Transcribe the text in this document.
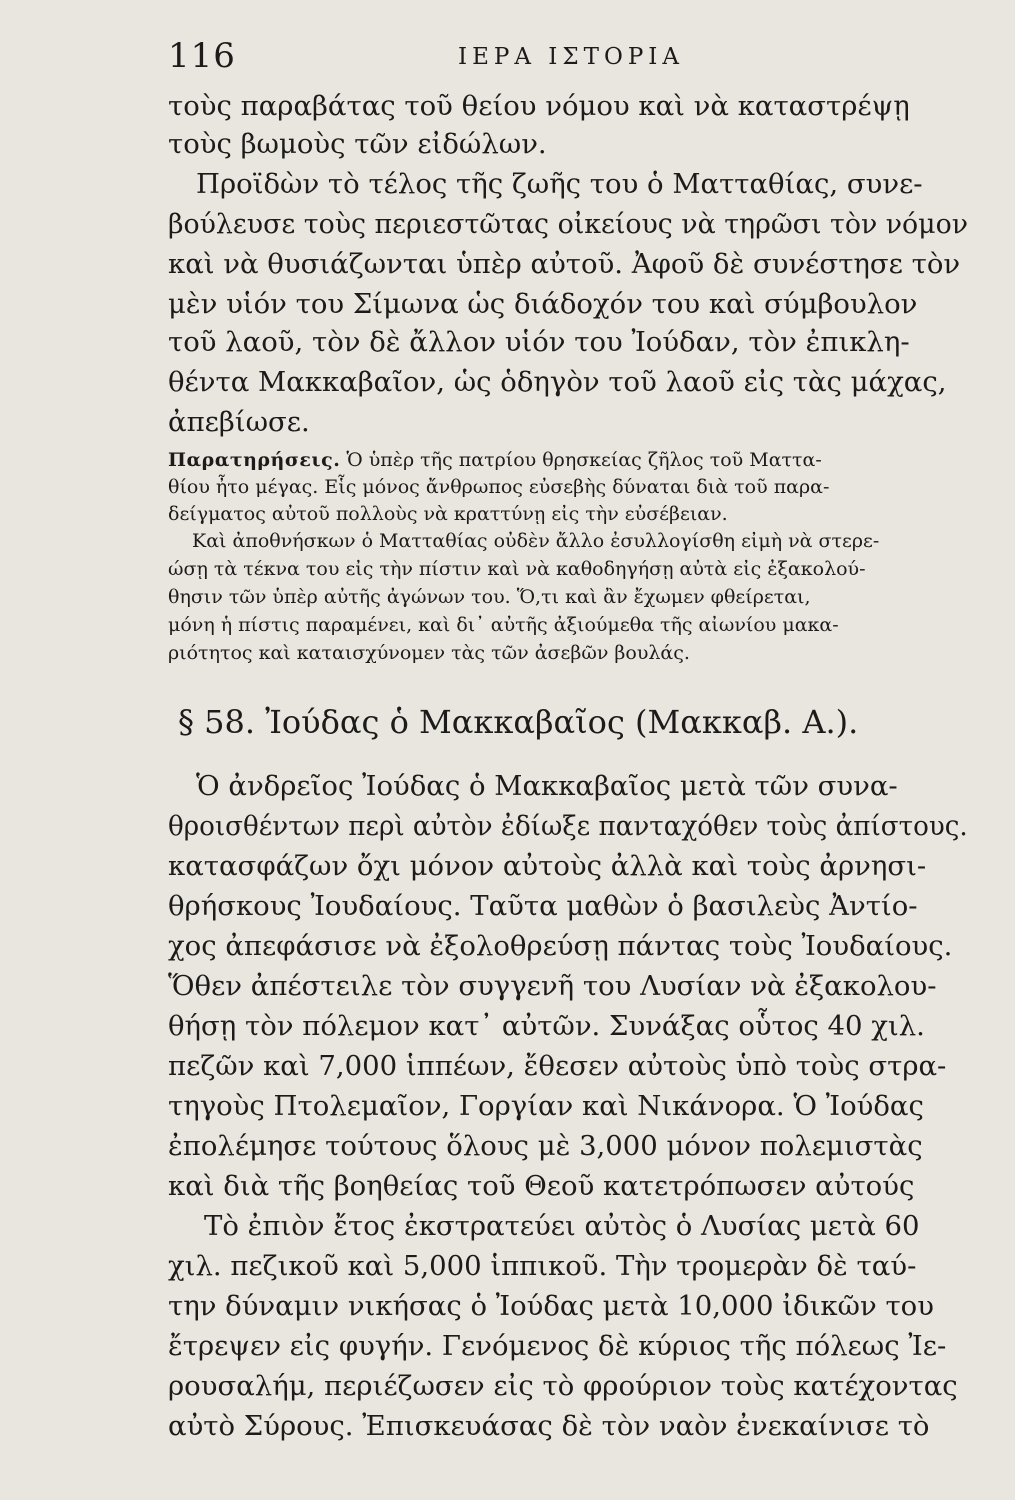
116	ΙΕΡΑ ΙΣΤΟΡΙΑ
τοὺς παραβάτας τοῦ θείου νόμου καὶ νὰ καταστρέψῃ
τοὺς βωμοὺς τῶν εἰδώλων.
Προϊδὼν τὸ τέλος τῆς ζωῆς του ὁ Ματταθίας, συνε-
βούλευσε τοὺς περιεστῶτας οἰκείους νὰ τηρῶσι τὸν νόμον
καὶ νὰ θυσιάζωνται ὑπὲρ αὐτοῦ. Ἀφοῦ δὲ συνέστησε τὸν
μὲν υἱόν του Σίμωνα ὡς διάδοχόν του καὶ σύμβουλον
τοῦ λαοῦ, τὸν δὲ ἄλλον υἱόν του Ἰούδαν, τὸν ἐπικλη-
θέντα Μακκαβαῖον, ὡς ὁδηγὸν τοῦ λαοῦ εἰς τὰς μάχας,
ἀπεβίωσε.
Παρατηρήσεις. Ὁ ὑπὲρ τῆς πατρίου θρησκείας ζῆλος τοῦ Ματτα-
θίου ἦτο μέγας. Εἷς μόνος ἄνθρωπος εὐσεβὴς δύναται διὰ τοῦ παρα-
δείγματος αὐτοῦ πολλοὺς νὰ κραττύνῃ εἰς τὴν εὐσέβειαν.
Καὶ ἀποθνήσκων ὁ Ματταθίας οὐδὲν ἄλλο ἐσυλλογίσθη εἰμὴ νὰ στερε-
ώσῃ τὰ τέκνα του εἰς τὴν πίστιν καὶ νὰ καθοδηγήσῃ αὐτὰ εἰς ἐξακολού-
θησιν τῶν ὑπὲρ αὐτῆς ἀγώνων του. Ὅ,τι καὶ ἂν ἔχωμεν φθείρεται,
μόνη ἡ πίστις παραμένει, καὶ δι᾽ αὐτῆς ἀξιούμεθα τῆς αἰωνίου μακα-
ριότητος καὶ καταισχύνομεν τὰς τῶν ἀσεβῶν βουλάς.
§ 58. Ἰούδας ὁ Μακκαβαῖος (Μακκαβ. Α.).
Ὁ ἀνδρεῖος Ἰούδας ὁ Μακκαβαῖος μετὰ τῶν συνα-
θροισθέντων περὶ αὐτὸν ἐδίωξε πανταχόθεν τοὺς ἀπίστους.
κατασφάζων ὄχι μόνον αὐτοὺς ἀλλὰ καὶ τοὺς ἀρνησι-
θρήσκους Ἰουδαίους. Ταῦτα μαθὼν ὁ βασιλεὺς Ἀντίο-
χος ἀπεφάσισε νὰ ἐξολοθρεύσῃ πάντας τοὺς Ἰουδαίους.
Ὅθεν ἀπέστειλε τὸν συγγενῆ του Λυσίαν νὰ ἐξακολου-
θήσῃ τὸν πόλεμον κατ᾽ αὐτῶν. Συνάξας οὗτος 40 χιλ.
πεζῶν καὶ 7,000 ἱππέων, ἔθεσεν αὐτοὺς ὑπὸ τοὺς στρα-
τηγοὺς Πτολεμαῖον, Γοργίαν καὶ Νικάνορα. Ὁ Ἰούδας
ἐπολέμησε τούτους ὅλους μὲ 3,000 μόνον πολεμιστὰς
καὶ διὰ τῆς βοηθείας τοῦ Θεοῦ κατετρόπωσεν αὐτούς
Τὸ ἐπιὸν ἔτος ἐκστρατεύει αὐτὸς ὁ Λυσίας μετὰ 60
χιλ. πεζικοῦ καὶ 5,000 ἱππικοῦ. Τὴν τρομερὰν δὲ ταύ-
την δύναμιν νικήσας ὁ Ἰούδας μετὰ 10,000 ἰδικῶν του
ἔτρεψεν εἰς φυγήν. Γενόμενος δὲ κύριος τῆς πόλεως Ἰε-
ρουσαλήμ, περιέζωσεν εἰς τὸ φρούριον τοὺς κατέχοντας
αὐτὸ Σύρους. Ἐπισκευάσας δὲ τὸν ναὸν ἐνεκαίνισε τὸ
